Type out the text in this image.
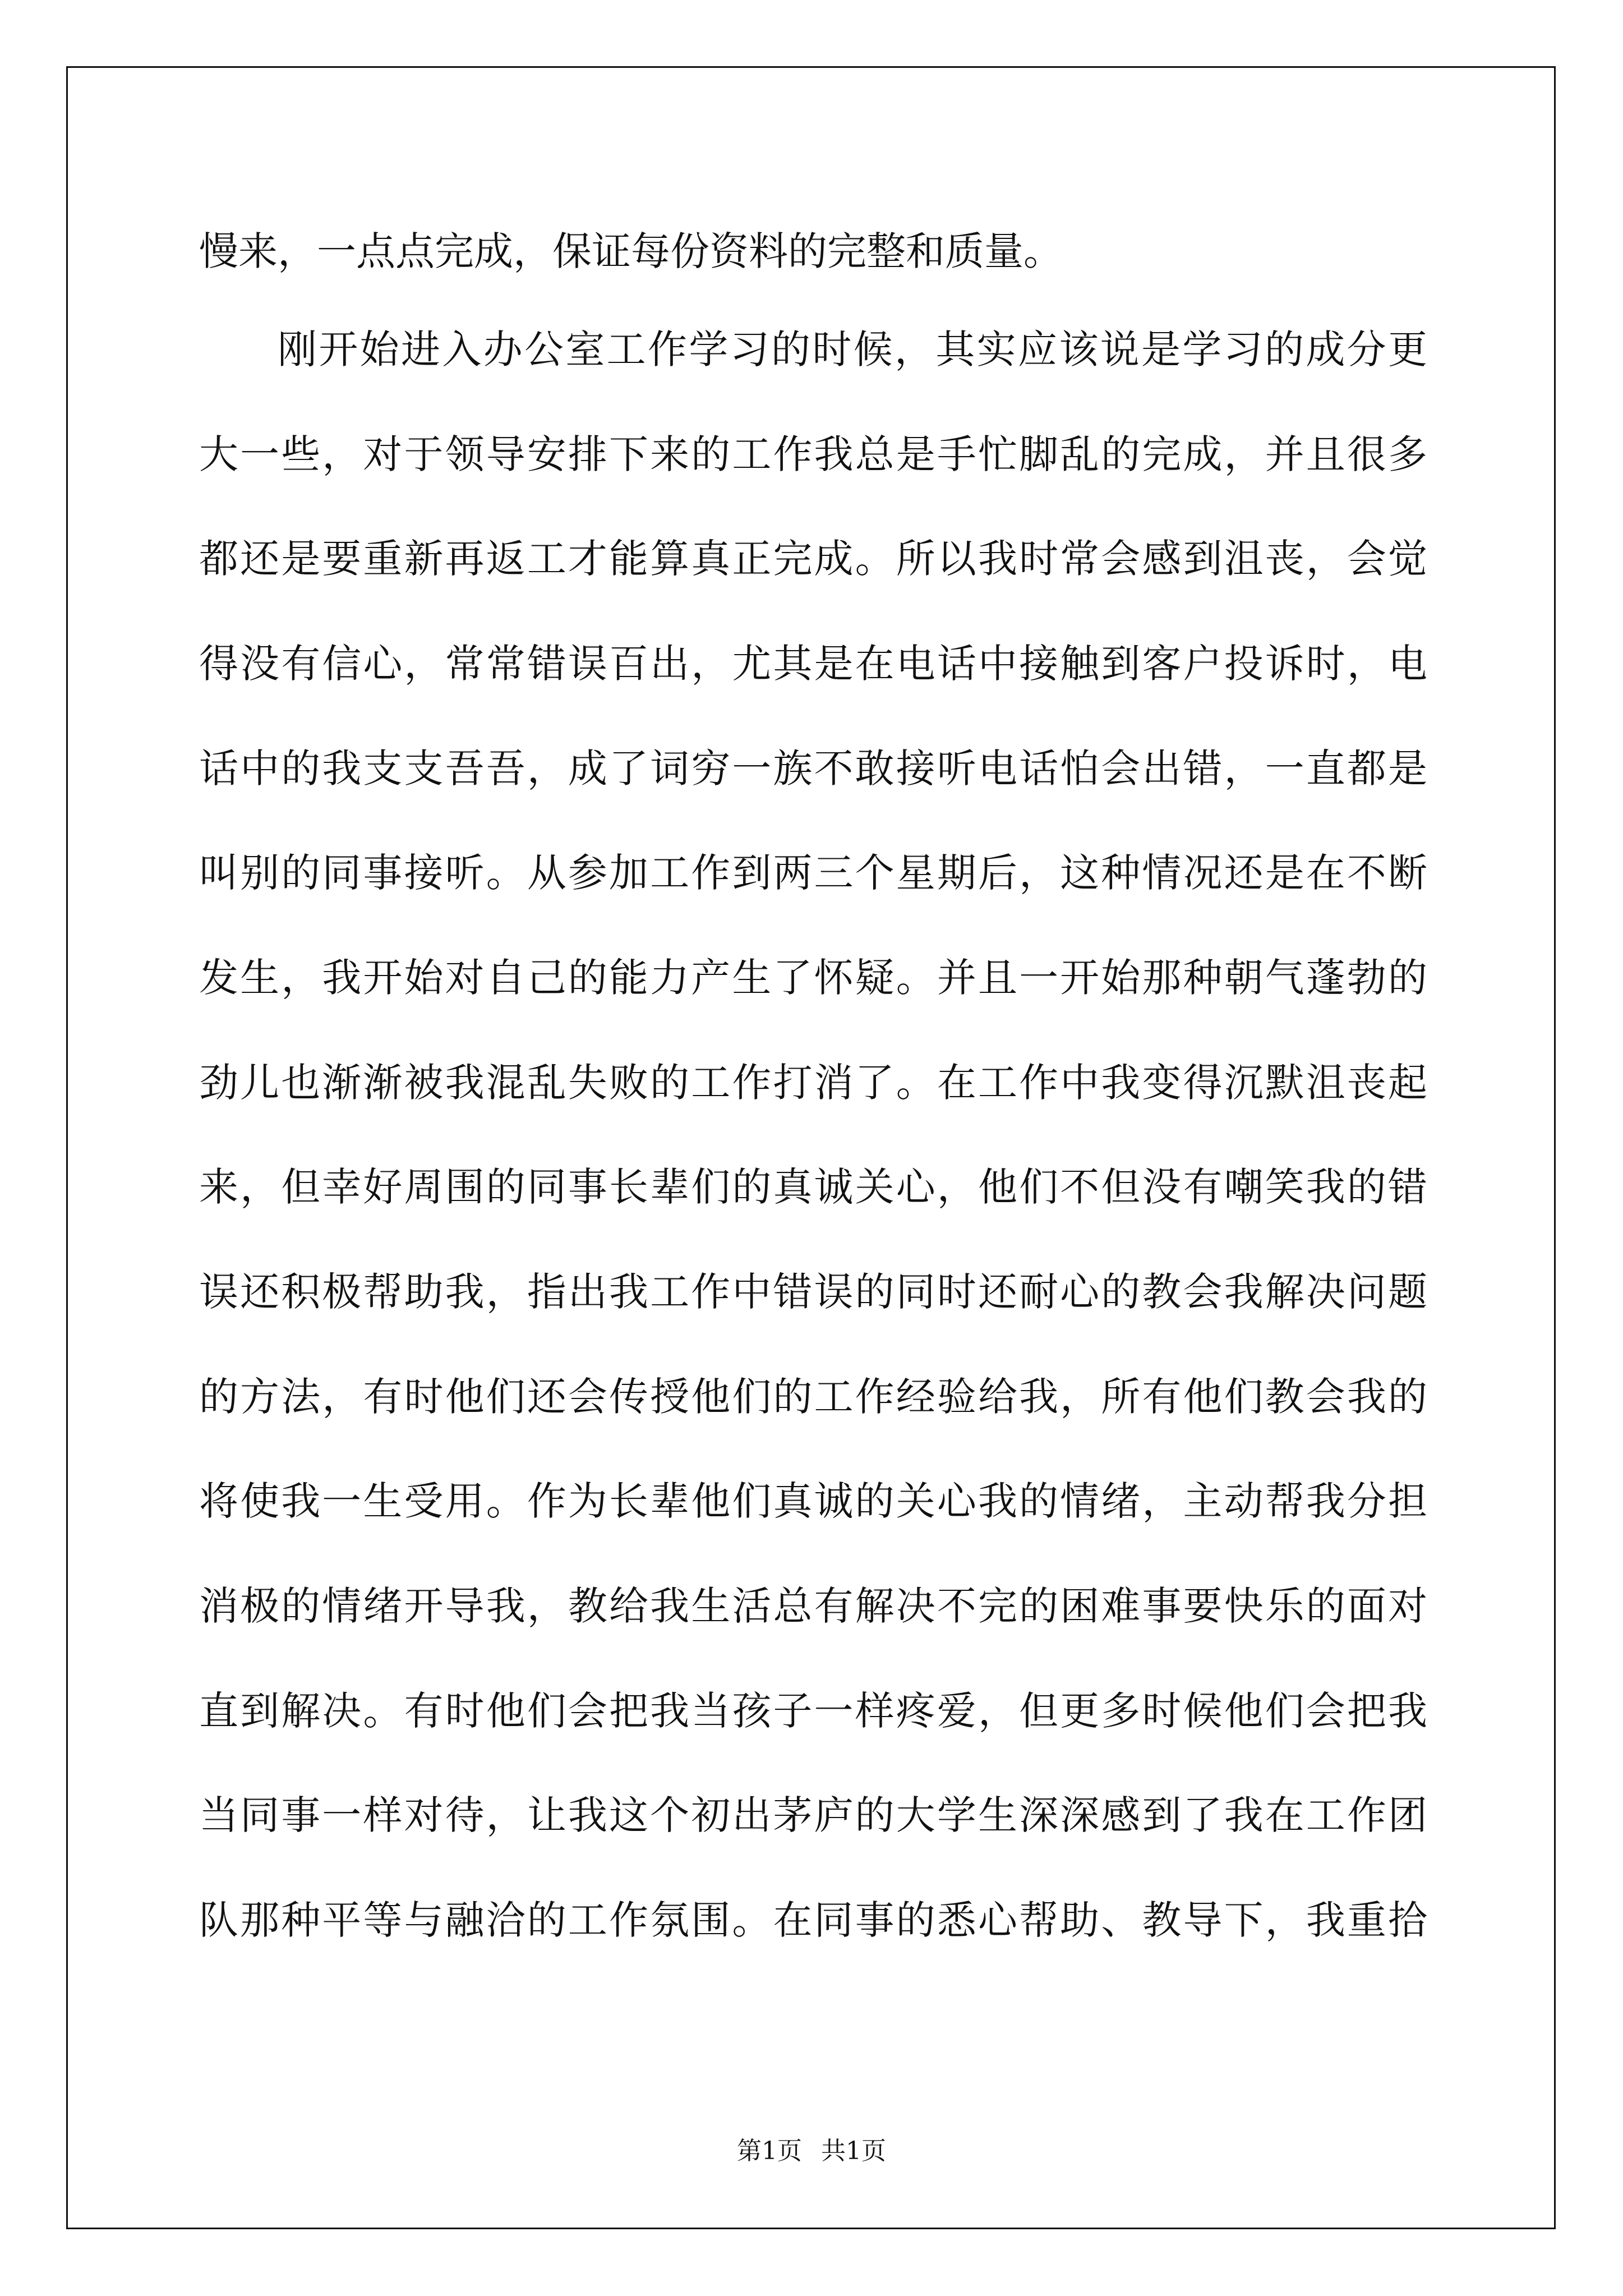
慢来，一点点完成，保证每份资料的完整和质量。
刚开始进入办公室工作学习的时候，其实应该说是学习的成分更
大一些，对于领导安排下来的工作我总是手忙脚乱的完成，并且很多
都还是要重新再返工才能算真正完成。所以我时常会感到沮丧，会觉
得没有信心，常常错误百出，尤其是在电话中接触到客户投诉时，电
话中的我支支吾吾，成了词穷一族不敢接听电话怕会出错，一直都是
叫别的同事接听。从参加工作到两三个星期后，这种情况还是在不断
发生，我开始对自己的能力产生了怀疑。并且一开始那种朝气蓬勃的
劲儿也渐渐被我混乱失败的工作打消了。在工作中我变得沉默沮丧起
来，但幸好周围的同事长辈们的真诚关心，他们不但没有嘲笑我的错
误还积极帮助我，指出我工作中错误的同时还耐心的教会我解决问题
的方法，有时他们还会传授他们的工作经验给我，所有他们教会我的
将使我一生受用。作为长辈他们真诚的关心我的情绪，主动帮我分担
消极的情绪开导我，教给我生活总有解决不完的困难事要快乐的面对
直到解决。有时他们会把我当孩子一样疼爱，但更多时候他们会把我
当同事一样对待，让我这个初出茅庐的大学生深深感到了我在工作团
队那种平等与融洽的工作氛围。在同事的悉心帮助、教导下，我重拾
第1页 共1页
